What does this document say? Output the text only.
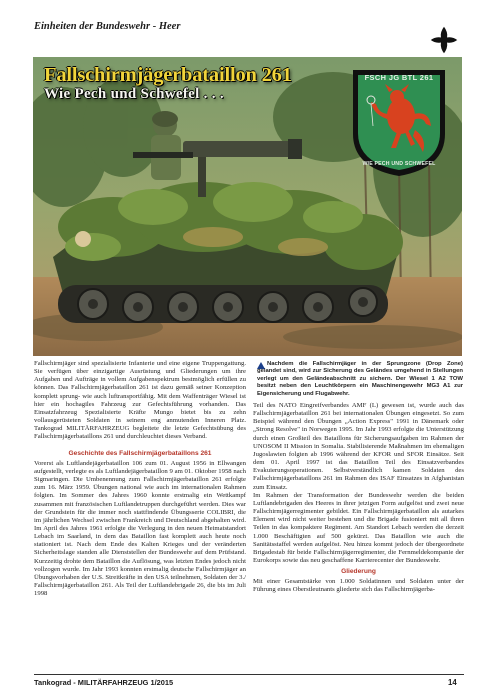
Einheiten der Bundeswehr - Heer
Fallschirmjägerbataillon 261
Wie Pech und Schwefel . . .
FSCH JG BTL 261
WIE PECH UND SCHWEFEL

Nachdem die Fallschirmjäger in der Sprungzone (Drop Zone) gelandet sind, wird zur Sicherung des Geländes umgehend in Stellungen verlegt um den Geländeabschnitt zu sichern. Der Wiesel 1 A2 TOW besitzt neben den Leuchtkörpern ein Maschinengewehr MG3 A1 zur Eigensicherung und Flugabwehr.

Fallschirmjäger sind spezialisierte Infanterie und eine eigene Truppengattung. Sie verfügen über einzigartige Ausrüstung und Gliederungen um ihre Aufgaben und Aufträge in vollem Aufgabenspektrum bestmöglich erfüllen zu können. Das Fallschirmjägerbataillon 261 ist dazu gemäß seiner Konzeption komplett sprung- wie auch luftransportfähig. Mit dem Waffenträger Wiesel ist hier ein hochagiles Fahrzeug zur Gefechtsführung vorhanden. Das Einsatzfahrzeug Spezialisierte Kräfte Mungo bietet bis zu zehn vollausgerüsteten Soldaten in seinem eng anmutenden Inneren Platz. Tankograd MILITÄRFAHRZEUG begleitete die letzte Gefechtsübung des Fallschirmjägerbataillons 261 und durchleuchtet dieses Verband.

Geschichte des Fallschirmjägerbataillons 261

Vorerst als Luftlandejägerbataillon 106 zum 01. August 1956 in Ellwangen aufgestellt, verlegte es als Luftlandejägerbataillon 9 am 01. Oktober 1958 nach Sigmaringen. Die Umbenennung zum Fallschirmjägerbataillon 261 erfolgte zum 16. März 1959. Übungen national wie auch im internationalen Rahmen folgten. Im Sommer des Jahres 1960 konnte erstmalig ein Wettkampf zusammen mit französischen Luftlandetruppen durchgeführt werden. Dies war der Grundstein für die immer noch stattfindende Übungsserie COLIBRI, die im jährlichen Wechsel zwischen Frankreich und Deutschland abgehalten wird. Im April des Jahres 1961 erfolgte die Verlegung in den neuen Heimatstandort Lebach im Saarland, in dem das Bataillon fast komplett auch heute noch stationiert ist. Nach dem Ende des Kalten Krieges und der veränderten Sicherheitslage standen alle Dienststellen der Bundeswehr auf dem Prüfstand. Kurzzeitig drohte dem Bataillon die Auflösung, was letzten Endes jedoch nicht vollzogen wurde. Im Jahr 1993 konnten erstmalig deutsche Fallschirmjäger an Übungsvorhaben der U.S. Streitkräfte in den USA teilnehmen, Soldaten der 3./ Fallschirmjägerbataillon 261. Als Teil der Luftlandebrigade 26, die bis im Juli 1998

Teil des NATO Eingreifverbandes AMF (L) gewesen ist, wurde auch das Fallschirmjägerbataillon 261 bei internationalen Übungen eingesetzt. So zum Beispiel während den Übungen „Action Express" 1991 in Dänemark oder „Strong Resolve" in Norwegen 1995. Im Jahr 1993 erfolgte die Unterstützung durch einen Großteil des Bataillons für Sicherungsaufgaben im Rahmen der UNOSOM II Mission in Somalia. Stabilisierende Maßnahmen im ehemaligen Jugoslawien folgten ab 1996 während der KFOR und SFOR Einsätze. Seit dem 01. April 1997 ist das Bataillon Teil des Einsatzverbandes Evakuierungsoperationen. Selbstverständlich kamen Soldaten des Fallschirmjägerbataillons 261 im Rahmen des ISAF Einsatzes in Afghanistan zum Einsatz.

Im Rahmen der Transformation der Bundeswehr werden die beiden Luftlandebrigaden des Heeres in ihrer jetzigen Form aufgelöst und zwei neue Fallschirmjägerregimenter gebildet. Ein Fallschirmjägerbataillon als autarkes Element wird nicht weiter bestehen und die Brigade fusioniert mit all ihren Teilen in das kompaktere Regiment. Am Standort Lebach werden die derzeit 1.000 Beschäftigten auf 500 gekürzt. Das Bataillon wie auch die Sanitätsstaffel werden aufgelöst. Neu hinzu kommt jedoch der übergeordnete Brigadestab für beide Fallschirmjägerregimenter, die Fernmeldekompanie der Eurokorps sowie das neu geschaffene Karrierecenter der Bundeswehr.

Gliederung

Mit einer Gesamtstärke von 1.000 Soldatinnen und Soldaten unter der Führung eines Oberstleutnants gliederte sich das Fallschirmjägerba-

Tankograd - MILITÄRFAHRZEUG 1/2015	14
